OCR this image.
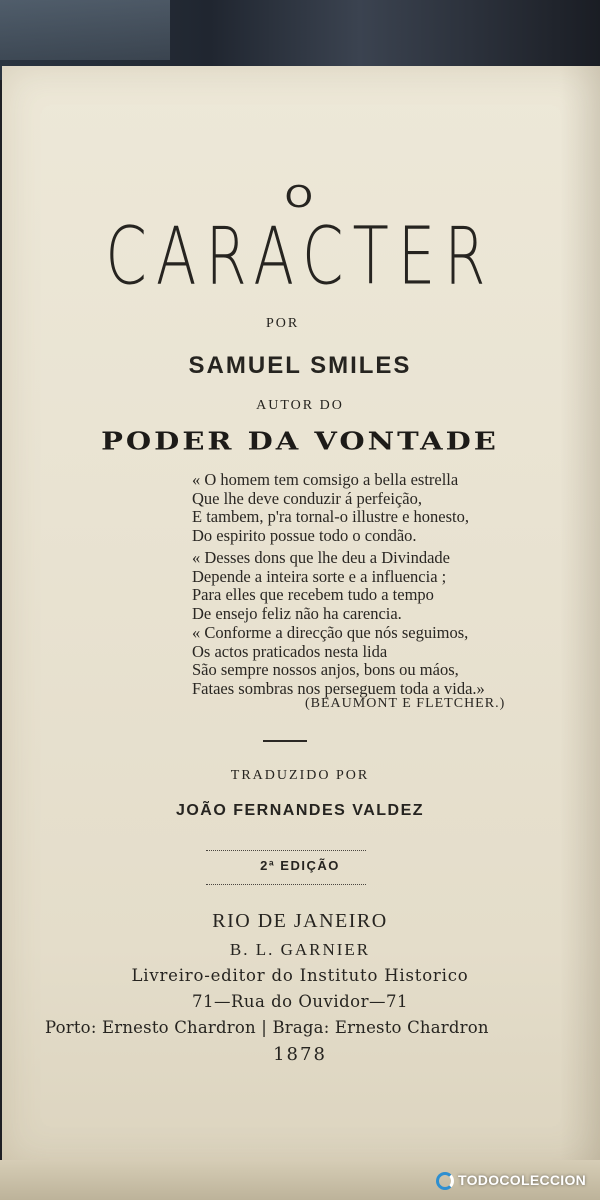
O
CARACTER
POR
SAMUEL SMILES
AUTOR DO
PODER DA VONTADE
« O homem tem comsigo a bella estrella
Que lhe deve conduzir á perfeição,
E tambem, p'ra tornal-o illustre e honesto,
Do espirito possue todo o condão.
« Desses dons que lhe deu a Divindade
Depende a inteira sorte e a influencia ;
Para elles que recebem tudo a tempo
De ensejo feliz não ha carencia.
« Conforme a direcção que nós seguimos,
Os actos praticados nesta lida
São sempre nossos anjos, bons ou máos,
Fataes sombras nos perseguem toda a vida.»
(BEAUMONT E FLETCHER.)
TRADUZIDO POR
JOÃO FERNANDES VALDEZ
2ª EDIÇÃO
RIO DE JANEIRO
B. L. GARNIER
Livreiro-editor do Instituto Historico
71—Rua do Ouvidor—71
Porto: Ernesto Chardron | Braga: Ernesto Chardron
1878
TODOCOLECCION
